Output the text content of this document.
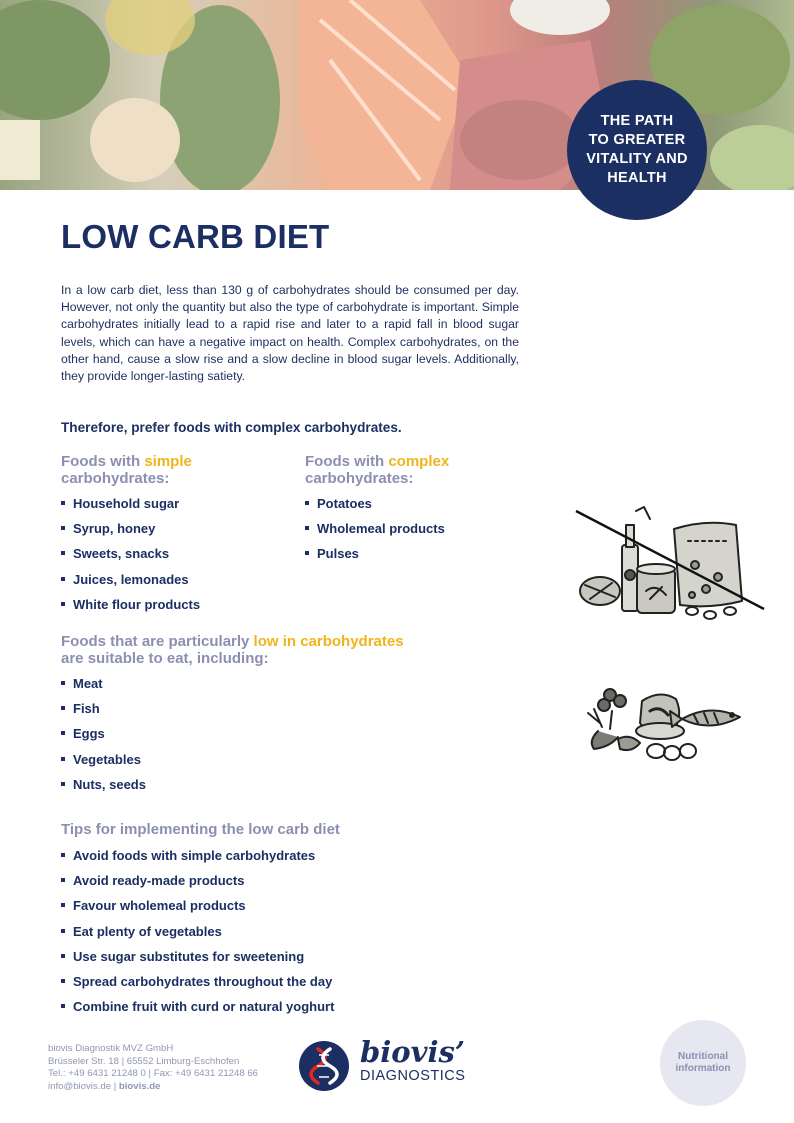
THE PATH
TO GREATER
VITALITY AND
HEALTH
LOW CARB DIET

In a low carb diet, less than 130 g of carbohydrates should be consumed per day. However, not only the quantity but also the type of carbohydrate is important. Simple carbohydrates initially lead to a rapid rise and later to a rapid fall in blood sugar levels, which can have a negative impact on health. Complex carbohydrates, on the other hand, cause a slow rise and a slow decline in blood sugar levels. Additionally, they provide longer-lasting satiety.

Therefore, prefer foods with complex carbohydrates.

Foods with simple
carbohydrates:
Household sugar
Syrup, honey
Sweets, snacks
Juices, lemonades
White flour products
Foods with complex
carbohydrates:
Potatoes
Wholemeal products
Pulses
Foods that are particularly low in carbohydrates
are suitable to eat, including:
Meat
Fish
Eggs
Vegetables
Nuts, seeds
Tips for implementing the low carb diet
Avoid foods with simple carbohydrates
Avoid ready-made products
Favour wholemeal products
Eat plenty of vegetables
Use sugar substitutes for sweetening
Spread carbohydrates throughout the day
Combine fruit with curd or natural yoghurt
biovis Diagnostik MVZ GmbH
Brüsseler Str. 18 | 65552 Limburg-Eschhofen
Tel.: +49 6431 21248 0 | Fax: +49 6431 21248 66
info@biovis.de | biovis.de
biovis’
DIAGNOSTICS
Nutritional
information
